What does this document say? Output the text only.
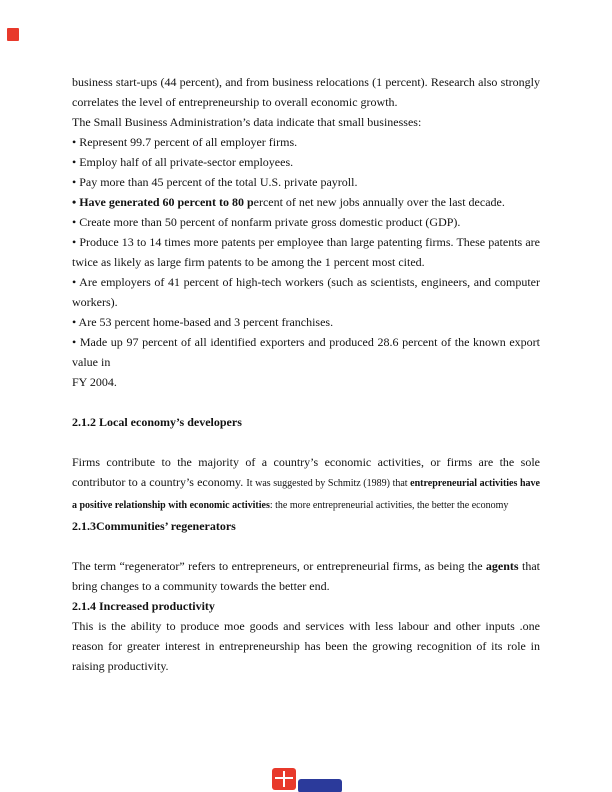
business start-ups (44 percent), and from business relocations (1 percent). Research also strongly correlates the level of entrepreneurship to overall economic growth.

The Small Business Administration’s data indicate that small businesses:

• Represent 99.7 percent of all employer firms.

• Employ half of all private-sector employees.

• Pay more than 45 percent of the total U.S. private payroll.

• Have generated 60 percent to 80 percent of net new jobs annually over the last decade.

• Create more than 50 percent of nonfarm private gross domestic product (GDP).

• Produce 13 to 14 times more patents per employee than large patenting firms. These patents are twice as likely as large firm patents to be among the 1 percent most cited.

• Are employers of 41 percent of high-tech workers (such as scientists, engineers, and computer workers).

• Are 53 percent home-based and 3 percent franchises.

• Made up 97 percent of all identified exporters and produced 28.6 percent of the known export value in

FY 2004.

2.1.2 Local economy’s developers

Firms contribute to the majority of a country’s economic activities, or firms are the sole contributor to a country’s economy. It was suggested by Schmitz (1989) that entrepreneurial activities have a positive relationship with economic activities: the more entrepreneurial activities, the better the economy

2.1.3Communities’ regenerators

The term “regenerator” refers to entrepreneurs, or entrepreneurial firms, as being the agents that bring changes to a community towards the better end.

2.1.4 Increased productivity

This is the ability to produce moe goods and services with less labour and other inputs .one reason for greater interest in entrepreneurship has been the growing recognition of its role in raising productivity.
